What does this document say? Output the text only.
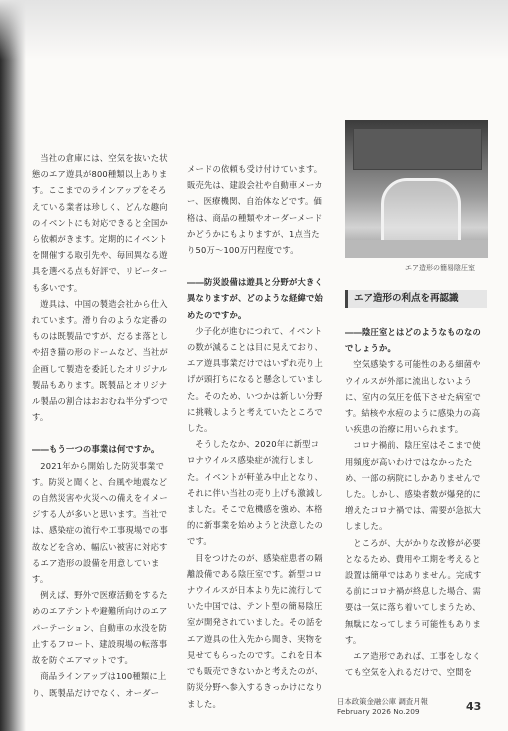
当社の倉庫には、空気を抜いた状態のエア遊具が800種類以上あります。ここまでのラインアップをそろえている業者は珍しく、どんな趣向のイベントにも対応できると全国から依頼がきます。定期的にイベントを開催する取引先や、毎回異なる遊具を選べる点も好評で、リピーターも多いです。

遊具は、中国の製造会社から仕入れています。滑り台のような定番のものは既製品ですが、だるま落としや招き猫の形のドームなど、当社が企画して製造を委託したオリジナル製品もあります。既製品とオリジナル製品の割合はおおむね半分ずつです。

――もう一つの事業は何ですか。

2021年から開始した防災事業です。防災と聞くと、台風や地震などの自然災害や火災への備えをイメージする人が多いと思います。当社では、感染症の流行や工事現場での事故などを含め、幅広い被害に対応するエア造形の設備を用意しています。

例えば、野外で医療活動をするためのエアテントや避難所向けのエアパーテーション、自動車の水没を防止するフロート、建設現場の転落事故を防ぐエアマットです。

商品ラインアップは100種類に上り、既製品だけでなく、オーダー

メードの依頼も受け付けています。販売先は、建設会社や自動車メーカー、医療機関、自治体などです。価格は、商品の種類やオーダーメードかどうかにもよりますが、1点当たり50万～100万円程度です。

――防災設備は遊具と分野が大きく異なりますが、どのような経緯で始めたのですか。

少子化が進むにつれて、イベントの数が減ることは目に見えており、エア遊具事業だけではいずれ売り上げが頭打ちになると懸念していました。そのため、いつかは新しい分野に挑戦しようと考えていたところでした。

そうしたなか、2020年に新型コロナウイルス感染症が流行しました。イベントが軒並み中止となり、それに伴い当社の売り上げも激減しました。そこで危機感を強め、本格的に新事業を始めようと決意したのです。

目をつけたのが、感染症患者の隔離設備である陰圧室です。新型コロナウイルスが日本より先に流行していた中国では、テント型の簡易陰圧室が開発されていました。その話をエア遊具の仕入先から聞き、実物を見せてもらったのです。これを日本でも販売できないかと考えたのが、防災分野へ参入するきっかけになりました。

エア造形の簡易陰圧室
エア造形の利点を再認識

――陰圧室とはどのようなものなのでしょうか。

空気感染する可能性のある細菌やウイルスが外部に流出しないように、室内の気圧を低下させた病室です。結核や水痘のように感染力の高い疾患の治療に用いられます。

コロナ禍前、陰圧室はそこまで使用頻度が高いわけではなかったため、一部の病院にしかありませんでした。しかし、感染者数が爆発的に増えたコロナ禍では、需要が急拡大しました。

ところが、大がかりな改修が必要となるため、費用や工期を考えると設置は簡単ではありません。完成する前にコロナ禍が終息した場合、需要は一気に落ち着いてしまうため、無駄になってしまう可能性もあります。

エア造形であれば、工事をしなくても空気を入れるだけで、空間を

日本政策金融公庫 調査月報
February 2026 No.209	43
